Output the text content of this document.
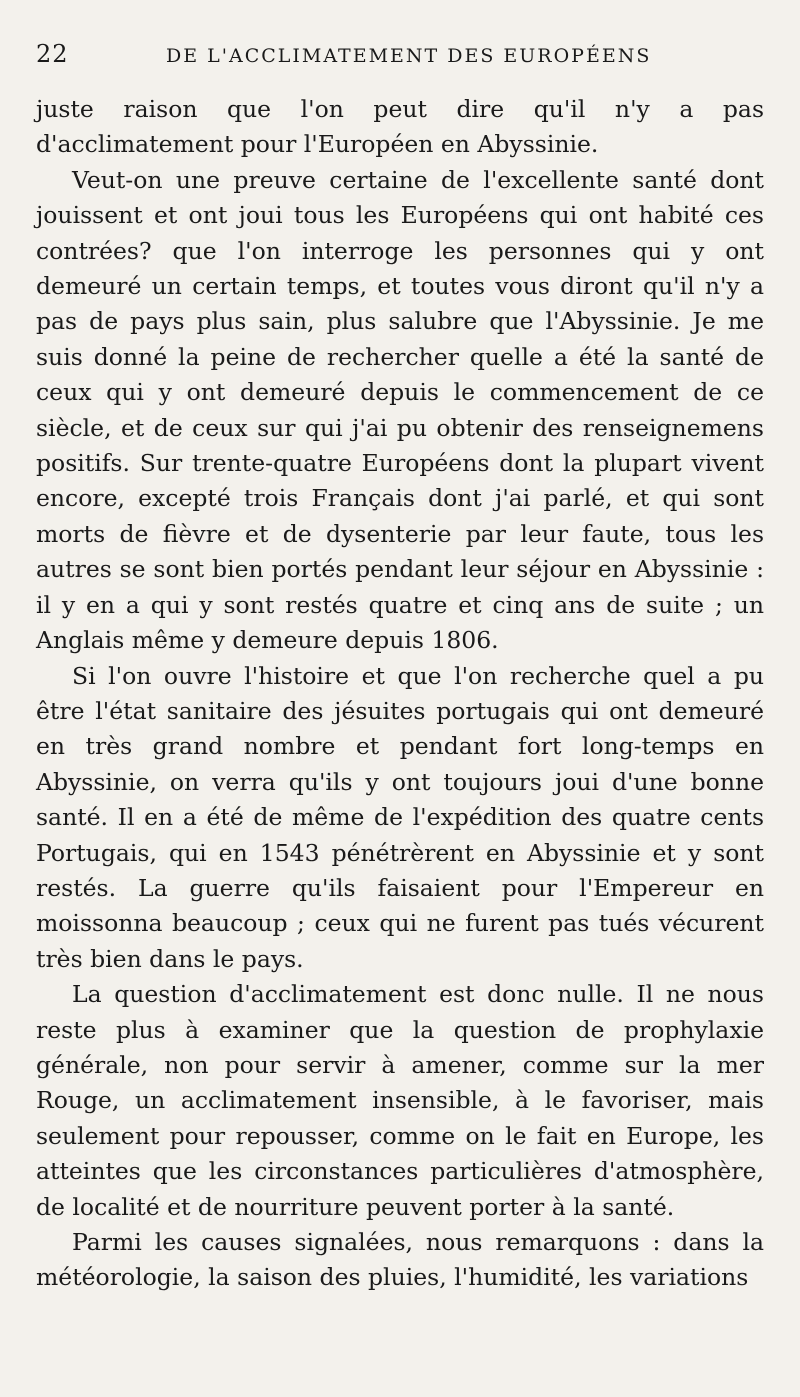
22	DE L'ACCLIMATEMENT DES EUROPÉENS

juste raison que l'on peut dire qu'il n'y a pas d'acclimatement pour l'Européen en Abyssinie.

Veut-on une preuve certaine de l'excellente santé dont jouissent et ont joui tous les Européens qui ont habité ces contrées? que l'on interroge les personnes qui y ont demeuré un certain temps, et toutes vous diront qu'il n'y a pas de pays plus sain, plus salubre que l'Abyssinie. Je me suis donné la peine de rechercher quelle a été la santé de ceux qui y ont demeuré depuis le commencement de ce siècle, et de ceux sur qui j'ai pu obtenir des renseignemens positifs. Sur trente-quatre Européens dont la plupart vivent encore, excepté trois Français dont j'ai parlé, et qui sont morts de fièvre et de dysenterie par leur faute, tous les autres se sont bien portés pendant leur séjour en Abyssinie : il y en a qui y sont restés quatre et cinq ans de suite ; un Anglais même y demeure depuis 1806.

Si l'on ouvre l'histoire et que l'on recherche quel a pu être l'état sanitaire des jésuites portugais qui ont demeuré en très grand nombre et pendant fort long-temps en Abyssinie, on verra qu'ils y ont toujours joui d'une bonne santé. Il en a été de même de l'expédition des quatre cents Portugais, qui en 1543 pénétrèrent en Abyssinie et y sont restés. La guerre qu'ils faisaient pour l'Empereur en moissonna beaucoup ; ceux qui ne furent pas tués vécurent très bien dans le pays.

La question d'acclimatement est donc nulle. Il ne nous reste plus à examiner que la question de prophylaxie générale, non pour servir à amener, comme sur la mer Rouge, un acclimatement insensible, à le favoriser, mais seulement pour repousser, comme on le fait en Europe, les atteintes que les circonstances particulières d'atmosphère, de localité et de nourriture peuvent porter à la santé.

Parmi les causes signalées, nous remarquons : dans la météorologie, la saison des pluies, l'humidité, les variations
